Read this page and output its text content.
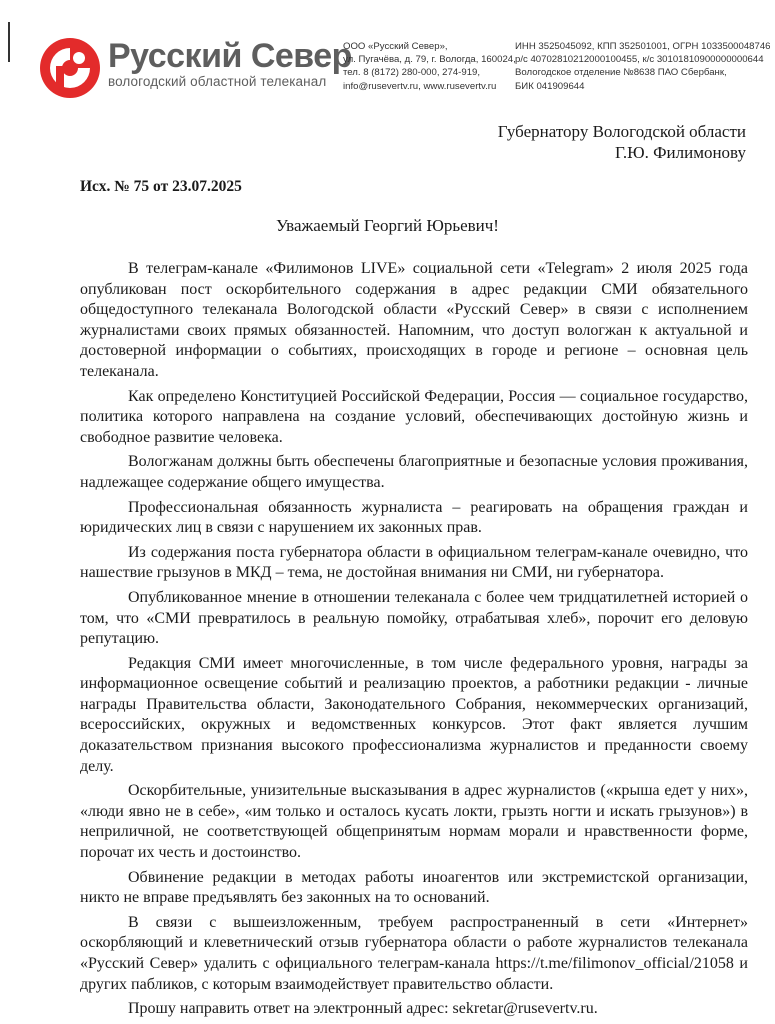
Русский Север
вологодский областной телеканал
ООО «Русский Север»,
ул. Пугачёва, д. 79, г. Вологда, 160024,
тел. 8 (8172) 280-000, 274-919,
info@rusevertv.ru, www.rusevertv.ru
ИНН 3525045092, КПП 352501001, ОГРН 1033500048746
р/с 40702810212000100455, к/с 30101810900000000644
Вологодское отделение №8638 ПАО Сбербанк,
БИК 041909644
Губернатору Вологодской области
Г.Ю. Филимонову
Исх. № 75 от 23.07.2025
Уважаемый Георгий Юрьевич!

В телеграм-канале «Филимонов LIVE» социальной сети «Telegram» 2 июля 2025 года опубликован пост оскорбительного содержания в адрес редакции СМИ обязательного общедоступного телеканала Вологодской области «Русский Север» в связи с исполнением журналистами своих прямых обязанностей. Напомним, что доступ вологжан к актуальной и достоверной информации о событиях, происходящих в городе и регионе – основная цель телеканала.

Как определено Конституцией Российской Федерации, Россия — социальное государство, политика которого направлена на создание условий, обеспечивающих достойную жизнь и свободное развитие человека.

Вологжанам должны быть обеспечены благоприятные и безопасные условия проживания, надлежащее содержание общего имущества.

Профессиональная обязанность журналиста – реагировать на обращения граждан и юридических лиц в связи с нарушением их законных прав.

Из содержания поста губернатора области в официальном телеграм-канале очевидно, что нашествие грызунов в МКД – тема, не достойная внимания ни СМИ, ни губернатора.

Опубликованное мнение в отношении телеканала с более чем тридцатилетней историей о том, что «СМИ превратилось в реальную помойку, отрабатывая хлеб», порочит его деловую репутацию.

Редакция СМИ имеет многочисленные, в том числе федерального уровня, награды за информационное освещение событий и реализацию проектов, а работники редакции - личные награды Правительства области, Законодательного Собрания, некоммерческих организаций, всероссийских, окружных и ведомственных конкурсов. Этот факт является лучшим доказательством признания высокого профессионализма журналистов и преданности своему делу.

Оскорбительные, унизительные высказывания в адрес журналистов («крыша едет у них», «люди явно не в себе», «им только и осталось кусать локти, грызть ногти и искать грызунов») в неприличной, не соответствующей общепринятым нормам морали и нравственности форме, порочат их честь и достоинство.

Обвинение редакции в методах работы иноагентов или экстремистской организации, никто не вправе предъявлять без законных на то оснований.

В связи с вышеизложенным, требуем распространенный в сети «Интернет» оскорбляющий и клеветнический отзыв губернатора области о работе журналистов телеканала «Русский Север» удалить с официального телеграм-канала https://t.me/filimonov_official/21058 и других пабликов, с которым взаимодействует правительство области.

Прошу направить ответ на электронный адрес: sekretar@rusevertv.ru.
